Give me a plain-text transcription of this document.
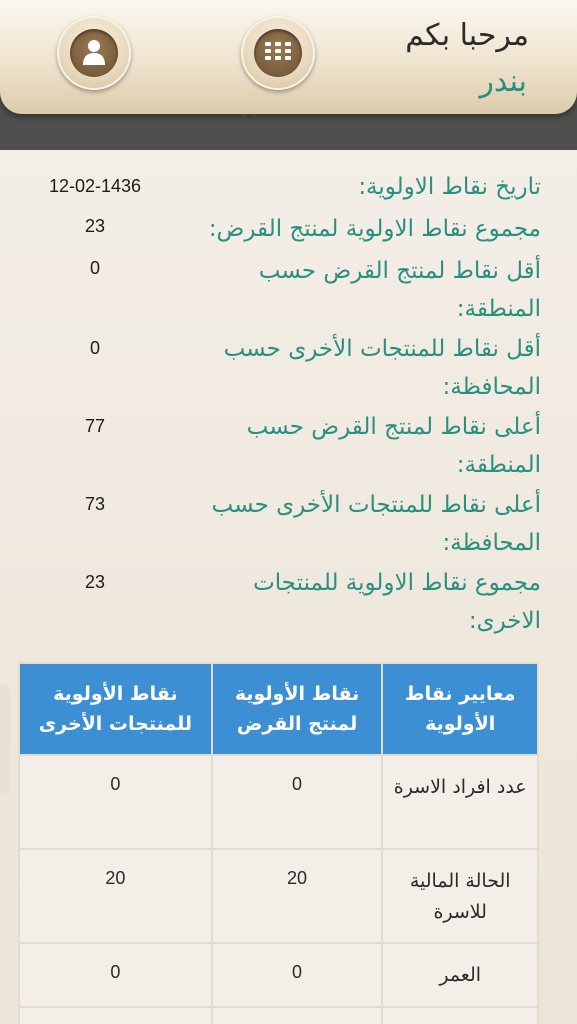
مرحبا بكم
بندر
تاريخ نقاط الاولوية:
12-02-1436
مجموع نقاط الاولوية لمنتج القرض:
23
أقل نقاط لمنتج القرض حسب المنطقة:
0
أقل نقاط للمنتجات الأخرى حسب المحافظة:
0
أعلى نقاط لمنتج القرض حسب المنطقة:
77
أعلى نقاط للمنتجات الأخرى حسب المحافظة:
73
مجموع نقاط الاولوية للمنتجات الاخرى:
23
نقاط الأولوية للمنتجات الأخرى	نقاط الأولوية لمنتج القرض	معايير نقاط الأولوية
0	0	عدد افراد الاسرة
20	20	الحالة المالية للاسرة
0	0	العمر
